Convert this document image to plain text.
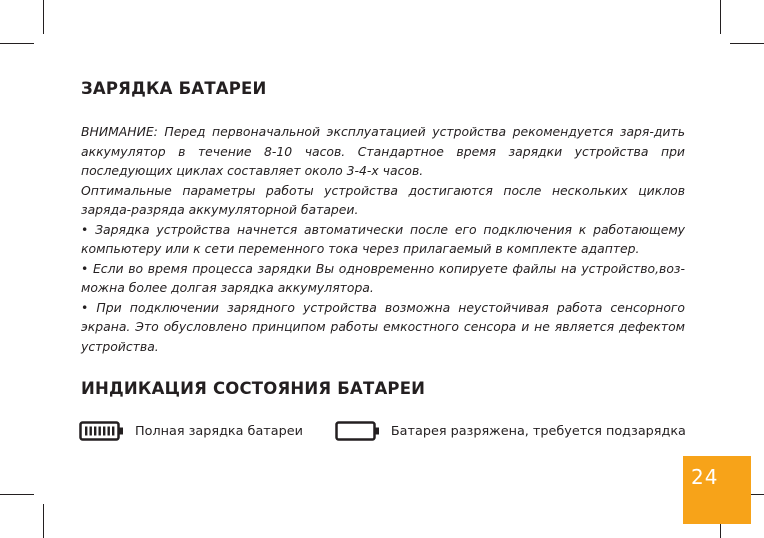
ЗАРЯДКА БАТАРЕИ

ВНИМАНИЕ: Перед первоначальной эксплуатацией устройства рекомендуется заря-дить аккумулятор в течение 8-10 часов. Стандартное время зарядки устройства при последующих циклах составляет около 3-4-х часов.

Оптимальные параметры работы устройства достигаются после нескольких циклов заряда-разряда аккумуляторной батареи.

• Зарядка устройства начнется автоматически после его подключения к работающему компьютеру или к сети переменного тока через прилагаемый в комплекте адаптер.

• Если во время процесса зарядки Вы одновременно копируете файлы на устройство,воз-можна более долгая зарядка аккумулятора.

• При подключении зарядного устройства возможна неустойчивая работа сенсорного экрана. Это обусловлено принципом работы емкостного сенсора и не является дефектом устройства.

ИНДИКАЦИЯ СОСТОЯНИЯ БАТАРЕИ
Полная зарядка батареи	Батарея разряжена, требуется подзарядка
24
